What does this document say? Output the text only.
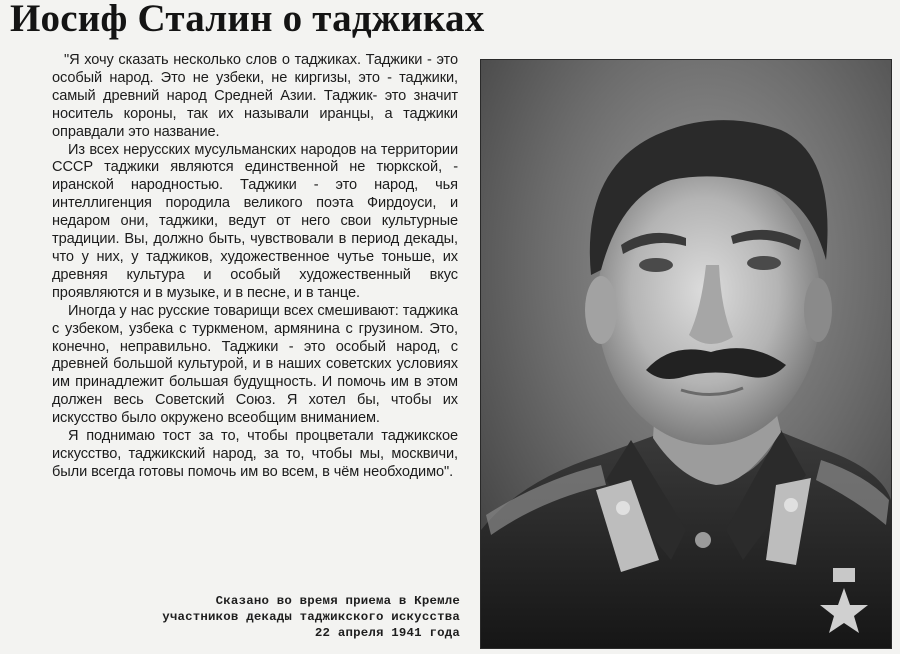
Иосиф Сталин о таджиках

"Я хочу сказать несколько слов о таджиках. Таджики - это особый народ. Это не узбеки, не киргизы, это - таджики, самый древний народ Средней Азии. Таджик- это значит носитель короны, так их называли иранцы, а таджики оправдали это название.

Из всех нерусских мусульманских народов на территории СССР таджики являются единственной не тюркской, - иранской народностью. Таджики - это народ, чья интеллигенция породила великого поэта Фирдоуси, и недаром они, таджики, ведут от него свои культурные традиции. Вы, должно быть, чувствовали в период декады, что у них, у таджиков, художественное чутье тоньше, их древняя культура и особый художественный вкус проявляются и в музыке, и в песне, и в танце.

Иногда у нас русские товарищи всех смешивают: таджика с узбеком, узбека с туркменом, армянина с грузином. Это, конечно, неправильно. Таджики - это особый народ, с древней большой культурой, и в наших советских условиях им принадлежит большая будущность. И помочь им в этом должен весь Советский Союз. Я хотел бы, чтобы их искусство было окружено всеобщим вниманием.

Я поднимаю тост за то, чтобы процветали таджикское искусство, таджикский народ, за то, чтобы мы, москвичи, были всегда готовы помочь им во всем, в чём необходимо".

Сказано во время приема в Кремле
участников декады таджикского искусства
22 апреля 1941 года
